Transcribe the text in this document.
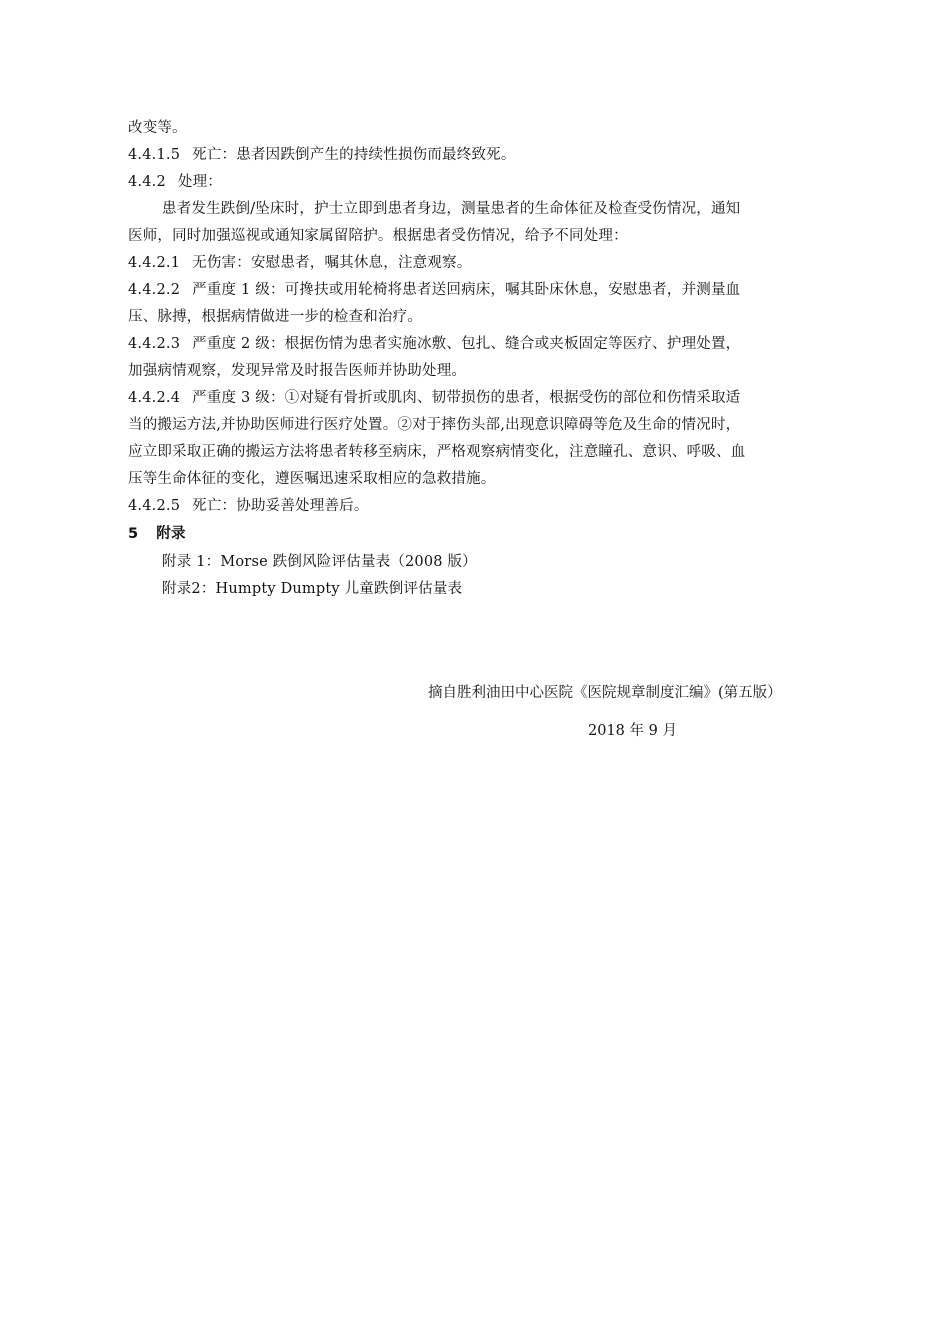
改变等。
4.4.1.5 死亡：患者因跌倒产生的持续性损伤而最终致死。
4.4.2 处理：
患者发生跌倒/坠床时，护士立即到患者身边，测量患者的生命体征及检查受伤情况，通知
医师，同时加强巡视或通知家属留陪护。根据患者受伤情况，给予不同处理：
4.4.2.1 无伤害：安慰患者，嘱其休息，注意观察。
4.4.2.2 严重度 1 级：可搀扶或用轮椅将患者送回病床，嘱其卧床休息，安慰患者，并测量血
压、脉搏，根据病情做进一步的检查和治疗。
4.4.2.3 严重度 2 级：根据伤情为患者实施冰敷、包扎、缝合或夹板固定等医疗、护理处置，
加强病情观察，发现异常及时报告医师并协助处理。
4.4.2.4 严重度 3 级：①对疑有骨折或肌肉、韧带损伤的患者，根据受伤的部位和伤情采取适
当的搬运方法,并协助医师进行医疗处置。②对于摔伤头部,出现意识障碍等危及生命的情况时，
应立即采取正确的搬运方法将患者转移至病床，严格观察病情变化，注意瞳孔、意识、呼吸、血
压等生命体征的变化，遵医嘱迅速采取相应的急救措施。
4.4.2.5 死亡：协助妥善处理善后。
5 附录
附录 1：Morse 跌倒风险评估量表（2008 版）
附录2：Humpty Dumpty 儿童跌倒评估量表
摘自胜利油田中心医院《医院规章制度汇编》(第五版）
2018 年 9 月
